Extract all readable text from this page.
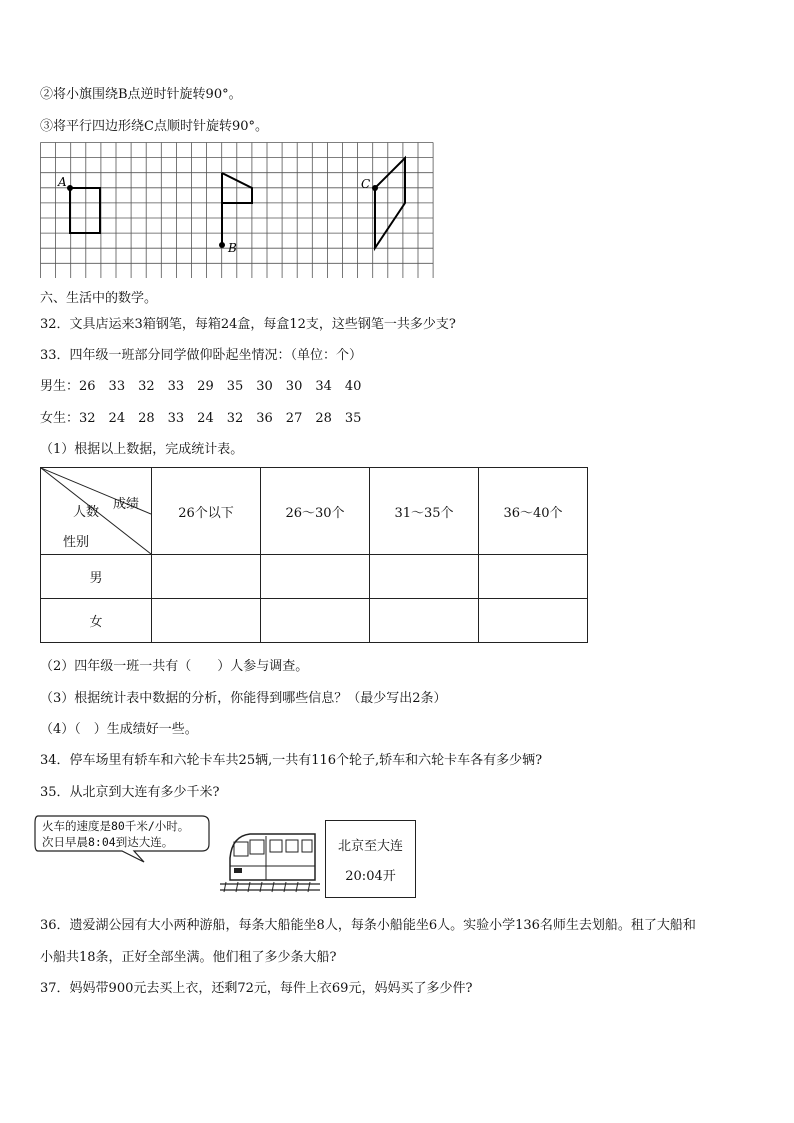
②将小旗围绕B点逆时针旋转90°。
③将平行四边形绕C点顺时针旋转90°。
A
B
C
六、生活中的数学。
32．文具店运来3箱钢笔，每箱24盒，每盒12支，这些钢笔一共多少支?
33．四年级一班部分同学做仰卧起坐情况：（单位：个）
男生：26　33　32　33　29　35　30　30　34　40
女生：32　24　28　33　24　32　36　27　28　35
（1）根据以上数据，完成统计表。
成绩
人数
性别	26个以下	26～30个	31～35个	36～40个
男				
女				
（2）四年级一班一共有（　　）人参与调查。
（3）根据统计表中数据的分析，你能得到哪些信息？（最少写出2条）
（4）（　）生成绩好一些。
34．停车场里有轿车和六轮卡车共25辆,一共有116个轮子,轿车和六轮卡车各有多少辆?
35．从北京到大连有多少千米?
火车的速度是80千米/小时。
次日早晨8:04到达大连。	北京至大连
20:04开
36．遗爱湖公园有大小两种游船，每条大船能坐8人，每条小船能坐6人。实验小学136名师生去划船。租了大船和
小船共18条，正好全部坐满。他们租了多少条大船?
37．妈妈带900元去买上衣，还剩72元，每件上衣69元，妈妈买了多少件?
